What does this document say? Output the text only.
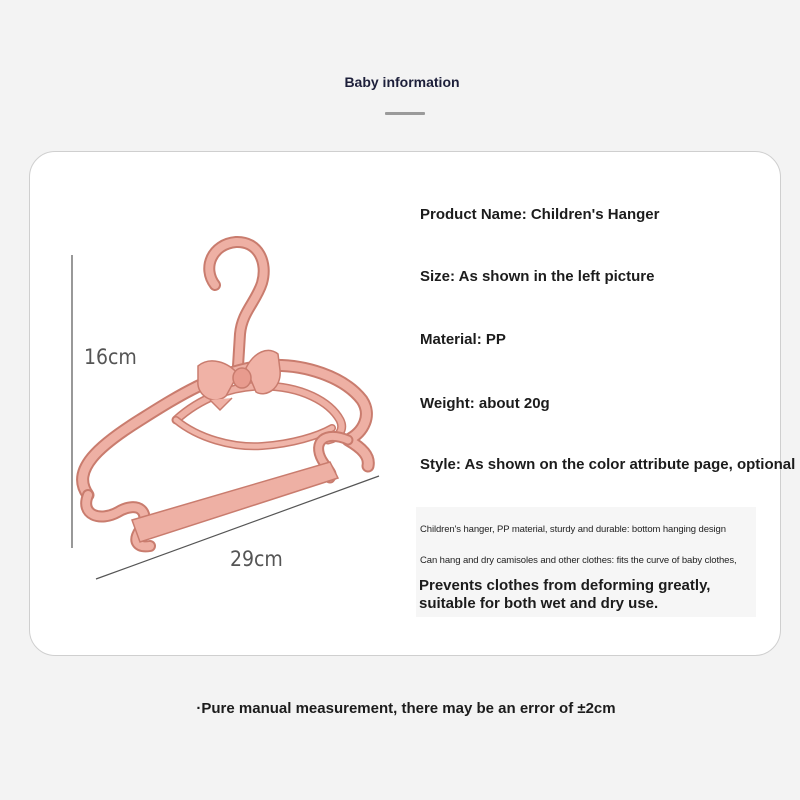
Baby information
16cm
29cm
Product Name: Children's Hanger
Size: As shown in the left picture
Material: PP
Weight: about 20g
Style: As shown on the color attribute page, optional
Children's hanger, PP material, sturdy and durable: bottom hanging design
Can hang and dry camisoles and other clothes: fits the curve of baby clothes,
Prevents clothes from deforming greatly, suitable for both wet and dry use.
·Pure manual measurement, there may be an error of ±2cm
